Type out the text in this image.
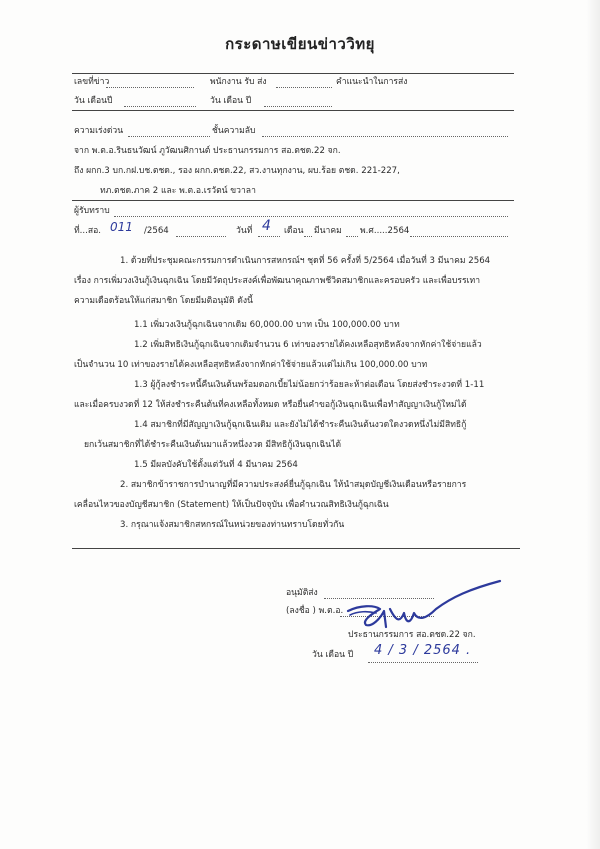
กระดาษเขียนข่าววิทยุ
เลขที่ข่าว	พนักงาน รับ ส่ง	คำแนะนำในการส่ง
วัน เดือนปี	วัน เดือน ปี
ความเร่งด่วน	ชั้นความลับ
จาก พ.ต.อ.รินธนวัฒน์ ภูวัฒนศิกานต์ ประธานกรรมการ สอ.ตชด.22 จก.
ถึง ผกก.3 บก.กฝ.บช.ตชด., รอง ผกก.ตชด.22, สว.งานทุกงาน, ผบ.ร้อย ตชด. 221-227,
ทภ.ตชด.ภาค 2 และ พ.ต.อ.เรวัตน์ ขวาลา
ผู้รับทราบ
ที่...สอ. 011 /2564	วันที่ 4 เดือน มีนาคม พ.ศ.....2564
1. ด้วยที่ประชุมคณะกรรมการดำเนินการสหกรณ์ฯ ชุดที่ 56 ครั้งที่ 5/2564 เมื่อวันที่ 3 มีนาคม 2564
เรื่อง การเพิ่มวงเงินกู้เงินฉุกเฉิน โดยมีวัตถุประสงค์เพื่อพัฒนาคุณภาพชีวิตสมาชิกและครอบครัว และเพื่อบรรเทา
ความเดือดร้อนให้แก่สมาชิก โดยมีมติอนุมัติ ดังนี้
1.1 เพิ่มวงเงินกู้ฉุกเฉินจากเดิม 60,000.00 บาท เป็น 100,000.00 บาท
1.2 เพิ่มสิทธิเงินกู้ฉุกเฉินจากเดิมจำนวน 6 เท่าของรายได้คงเหลือสุทธิหลังจากหักค่าใช้จ่ายแล้ว
เป็นจำนวน 10 เท่าของรายได้คงเหลือสุทธิหลังจากหักค่าใช้จ่ายแล้วแต่ไม่เกิน 100,000.00 บาท
1.3 ผู้กู้ลงชำระหนี้คืนเงินต้นพร้อมดอกเบี้ยไม่น้อยกว่าร้อยละห้าต่อเดือน โดยส่งชำระงวดที่ 1-11
และเมื่อครบงวดที่ 12 ให้ส่งชำระคืนต้นที่คงเหลือทั้งหมด หรือยื่นคำขอกู้เงินฉุกเฉินเพื่อทำสัญญาเงินกู้ใหม่ได้
1.4 สมาชิกที่มีสัญญาเงินกู้ฉุกเฉินเดิม และยังไม่ได้ชำระคืนเงินต้นงวดใดงวดหนึ่งไม่มีสิทธิกู้
ยกเว้นสมาชิกที่ได้ชำระคืนเงินต้นมาแล้วหนึ่งงวด มีสิทธิกู้เงินฉุกเฉินได้
1.5 มีผลบังคับใช้ตั้งแต่วันที่ 4 มีนาคม 2564
2. สมาชิกข้าราชการบำนาญที่มีความประสงค์ยื่นกู้ฉุกเฉิน ให้นำสมุดบัญชีเงินเดือนหรือรายการ
เคลื่อนไหวของบัญชีสมาชิก (Statement) ให้เป็นปัจจุบัน เพื่อคำนวณสิทธิเงินกู้ฉุกเฉิน
3. กรุณาแจ้งสมาชิกสหกรณ์ในหน่วยของท่านทราบโดยทั่วกัน
อนุมัติส่ง
(ลงชื่อ ) พ.ต.อ.
ประธานกรรมการ สอ.ตชด.22 จก.
วัน เดือน ปี 4 / 3 / 2564 .
